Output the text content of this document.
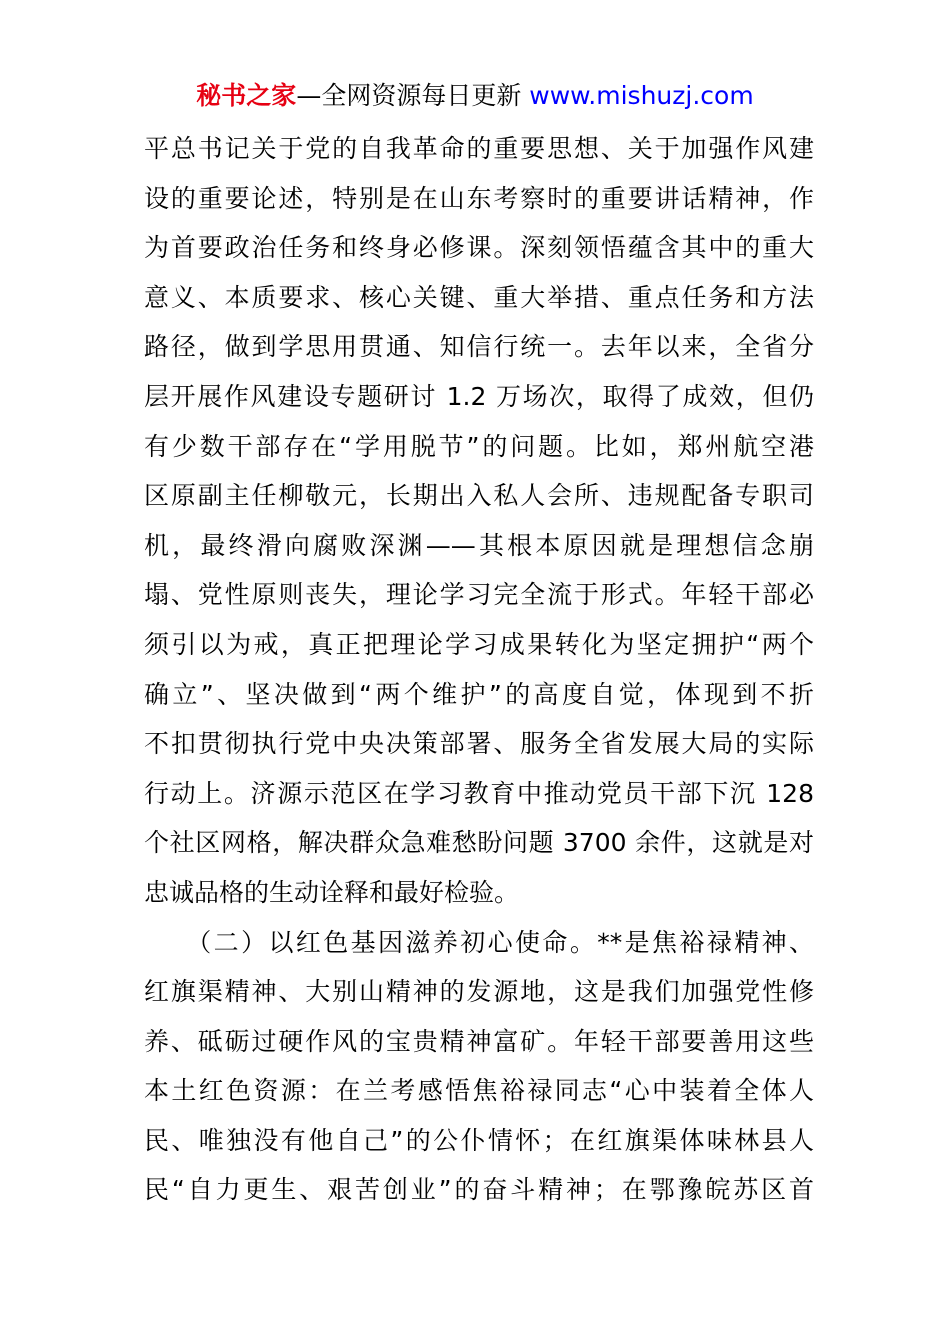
秘书之家—全网资源每日更新 www.mishuzj.com
平总书记关于党的自我革命的重要思想、关于加强作风建
设的重要论述，特别是在山东考察时的重要讲话精神，作
为首要政治任务和终身必修课。深刻领悟蕴含其中的重大
意义、本质要求、核心关键、重大举措、重点任务和方法
路径，做到学思用贯通、知信行统一。去年以来，全省分
层开展作风建设专题研讨 1.2 万场次，取得了成效，但仍
有少数干部存在“学用脱节”的问题。比如，郑州航空港
区原副主任柳敬元，长期出入私人会所、违规配备专职司
机，最终滑向腐败深渊——其根本原因就是理想信念崩
塌、党性原则丧失，理论学习完全流于形式。年轻干部必
须引以为戒，真正把理论学习成果转化为坚定拥护“两个
确立”、坚决做到“两个维护”的高度自觉，体现到不折
不扣贯彻执行党中央决策部署、服务全省发展大局的实际
行动上。济源示范区在学习教育中推动党员干部下沉 128
个社区网格，解决群众急难愁盼问题 3700 余件，这就是对
忠诚品格的生动诠释和最好检验。
　　（二）以红色基因滋养初心使命。**是焦裕禄精神、
红旗渠精神、大别山精神的发源地，这是我们加强党性修
养、砥砺过硬作风的宝贵精神富矿。年轻干部要善用这些
本土红色资源：在兰考感悟焦裕禄同志“心中装着全体人
民、唯独没有他自己”的公仆情怀；在红旗渠体味林县人
民“自力更生、艰苦创业”的奋斗精神；在鄂豫皖苏区首
